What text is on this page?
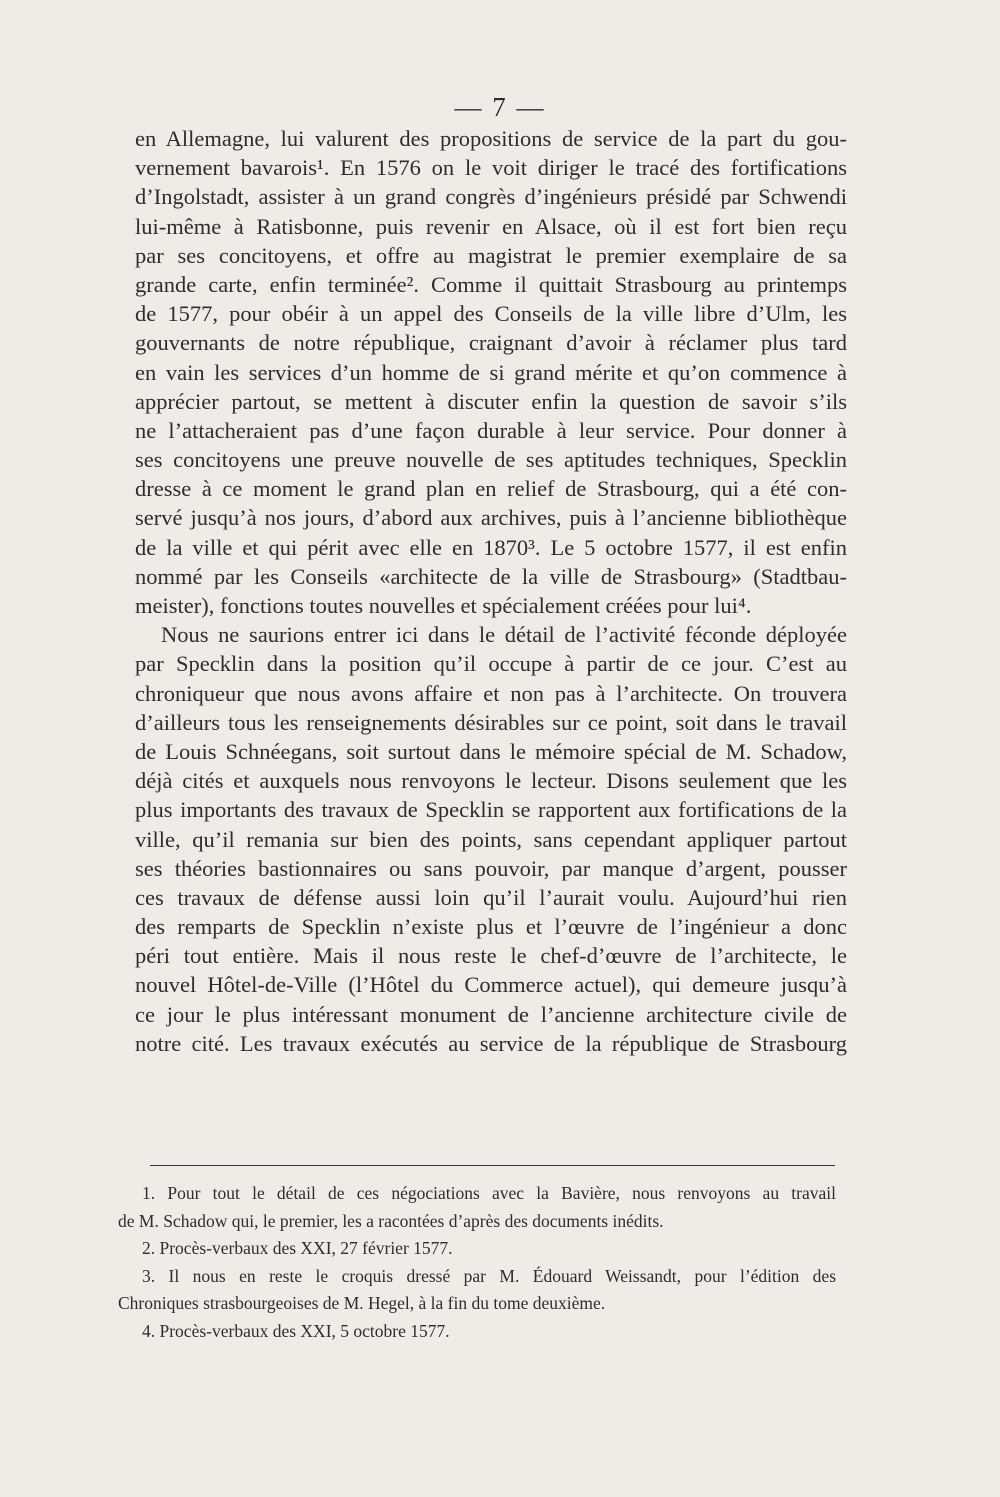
— 7 —
en Allemagne, lui valurent des propositions de service de la part du gou-
vernement bavarois¹. En 1576 on le voit diriger le tracé des fortifications
d’Ingolstadt, assister à un grand congrès d’ingénieurs présidé par Schwendi
lui-même à Ratisbonne, puis revenir en Alsace, où il est fort bien reçu
par ses concitoyens, et offre au magistrat le premier exemplaire de sa
grande carte, enfin terminée². Comme il quittait Strasbourg au printemps
de 1577, pour obéir à un appel des Conseils de la ville libre d’Ulm, les
gouvernants de notre république, craignant d’avoir à réclamer plus tard
en vain les services d’un homme de si grand mérite et qu’on commence à
apprécier partout, se mettent à discuter enfin la question de savoir s’ils
ne l’attacheraient pas d’une façon durable à leur service. Pour donner à
ses concitoyens une preuve nouvelle de ses aptitudes techniques, Specklin
dresse à ce moment le grand plan en relief de Strasbourg, qui a été con-
servé jusqu’à nos jours, d’abord aux archives, puis à l’ancienne bibliothèque
de la ville et qui périt avec elle en 1870³. Le 5 octobre 1577, il est enfin
nommé par les Conseils «architecte de la ville de Strasbourg» (Stadtbau-
meister), fonctions toutes nouvelles et spécialement créées pour lui⁴.
Nous ne saurions entrer ici dans le détail de l’activité féconde déployée
par Specklin dans la position qu’il occupe à partir de ce jour. C’est au
chroniqueur que nous avons affaire et non pas à l’architecte. On trouvera
d’ailleurs tous les renseignements désirables sur ce point, soit dans le travail
de Louis Schnéegans, soit surtout dans le mémoire spécial de M. Schadow,
déjà cités et auxquels nous renvoyons le lecteur. Disons seulement que les
plus importants des travaux de Specklin se rapportent aux fortifications de la
ville, qu’il remania sur bien des points, sans cependant appliquer partout
ses théories bastionnaires ou sans pouvoir, par manque d’argent, pousser
ces travaux de défense aussi loin qu’il l’aurait voulu. Aujourd’hui rien
des remparts de Specklin n’existe plus et l’œuvre de l’ingénieur a donc
péri tout entière. Mais il nous reste le chef-d’œuvre de l’architecte, le
nouvel Hôtel-de-Ville (l’Hôtel du Commerce actuel), qui demeure jusqu’à
ce jour le plus intéressant monument de l’ancienne architecture civile de
notre cité. Les travaux exécutés au service de la république de Strasbourg
1. Pour tout le détail de ces négociations avec la Bavière, nous renvoyons au travail
de M. Schadow qui, le premier, les a racontées d’après des documents inédits.
2. Procès-verbaux des XXI, 27 février 1577.
3. Il nous en reste le croquis dressé par M. Édouard Weissandt, pour l’édition des
Chroniques strasbourgeoises de M. Hegel, à la fin du tome deuxième.
4. Procès-verbaux des XXI, 5 octobre 1577.
